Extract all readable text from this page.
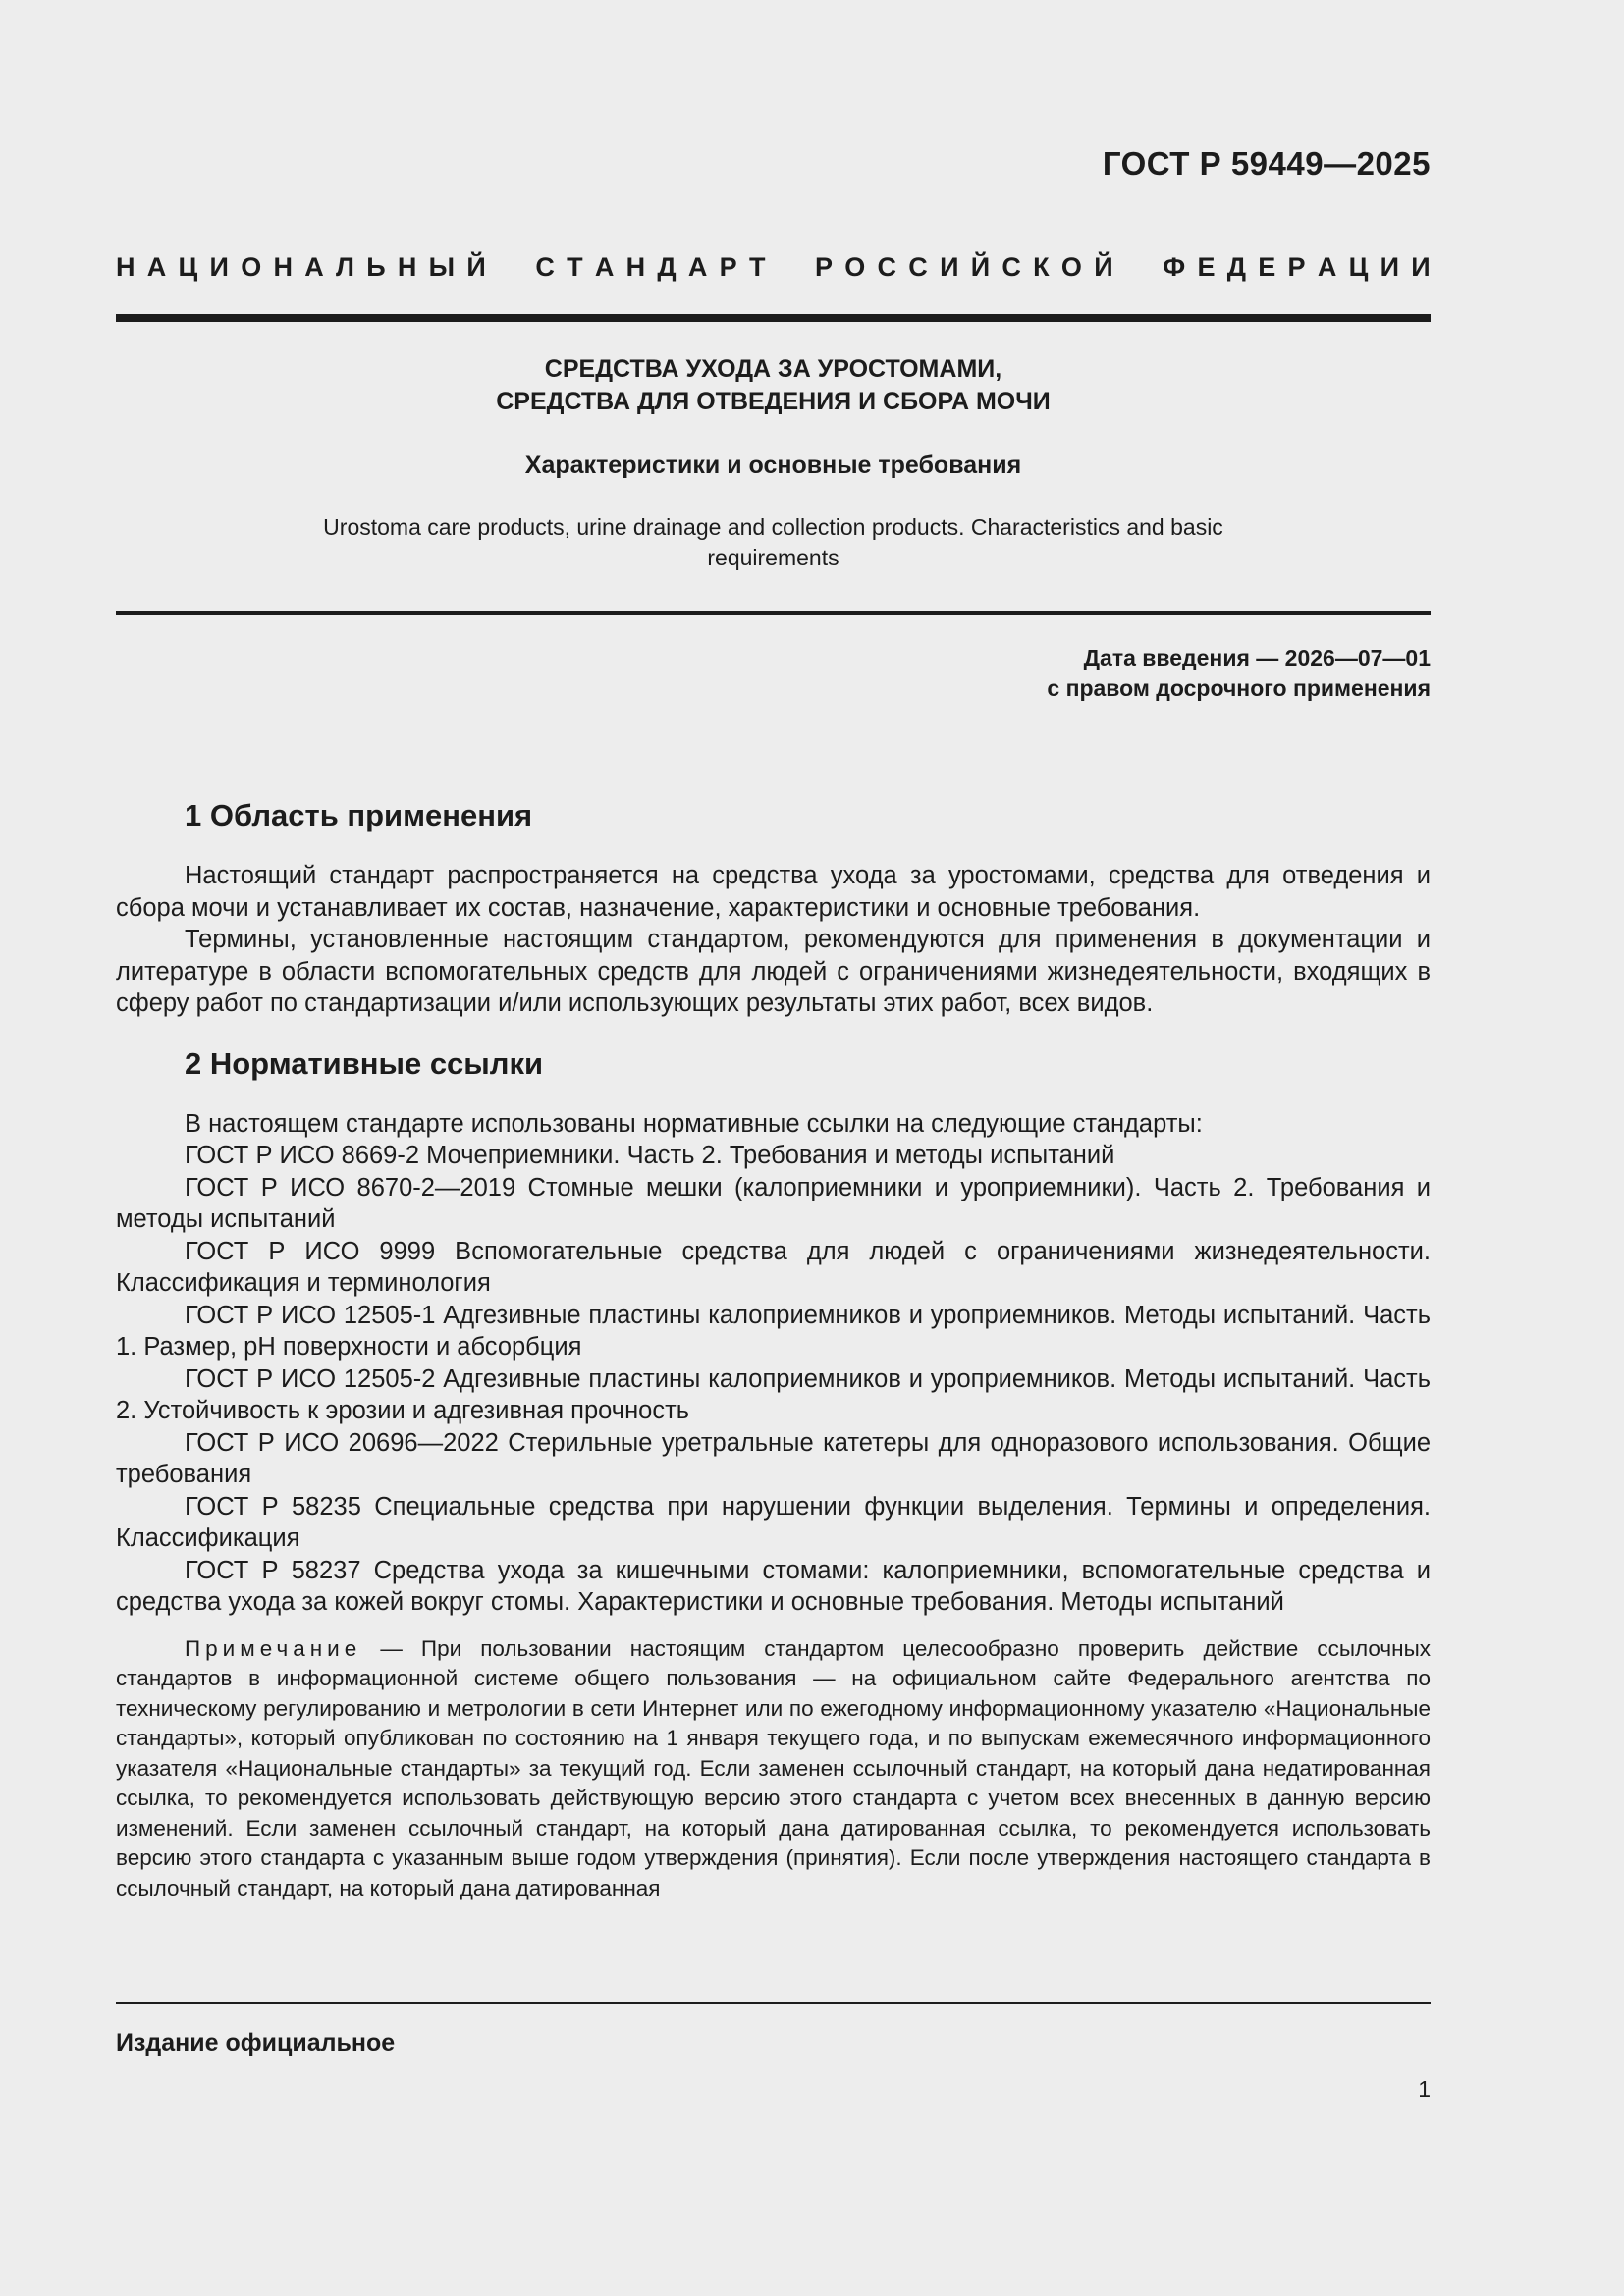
ГОСТ Р 59449—2025
Н А Ц И О Н А Л Ь Н Ы Й
С Т А Н Д А Р Т
Р О С С И Й С К О Й
Ф Е Д Е Р А Ц И И
СРЕДСТВА УХОДА ЗА УРОСТОМАМИ,
СРЕДСТВА ДЛЯ ОТВЕДЕНИЯ И СБОРА МОЧИ
Характеристики и основные требования
Urostoma care products, urine drainage and collection products. Characteristics and basic requirements
Дата введения — 2026—07—01
с правом досрочного применения
1 Область применения

Настоящий стандарт распространяется на средства ухода за уростомами, средства для отведения и сбора мочи и устанавливает их состав, назначение, характеристики и основные требования.

Термины, установленные настоящим стандартом, рекомендуются для применения в документации и литературе в области вспомогательных средств для людей с ограничениями жизнедеятельности, входящих в сферу работ по стандартизации и/или использующих результаты этих работ, всех видов.

2 Нормативные ссылки

В настоящем стандарте использованы нормативные ссылки на следующие стандарты:

ГОСТ Р ИСО 8669-2 Мочеприемники. Часть 2. Требования и методы испытаний

ГОСТ Р ИСО 8670-2—2019 Стомные мешки (калоприемники и уроприемники). Часть 2. Требования и методы испытаний

ГОСТ Р ИСО 9999 Вспомогательные средства для людей с ограничениями жизнедеятельности. Классификация и терминология

ГОСТ Р ИСО 12505-1 Адгезивные пластины калоприемников и уроприемников. Методы испытаний. Часть 1. Размер, pH поверхности и абсорбция

ГОСТ Р ИСО 12505-2 Адгезивные пластины калоприемников и уроприемников. Методы испытаний. Часть 2. Устойчивость к эрозии и адгезивная прочность

ГОСТ Р ИСО 20696—2022 Стерильные уретральные катетеры для одноразового использования. Общие требования

ГОСТ Р 58235 Специальные средства при нарушении функции выделения. Термины и определения. Классификация

ГОСТ Р 58237 Средства ухода за кишечными стомами: калоприемники, вспомогательные средства и средства ухода за кожей вокруг стомы. Характеристики и основные требования. Методы испытаний

Примечание — При пользовании настоящим стандартом целесообразно проверить действие ссылочных стандартов в информационной системе общего пользования — на официальном сайте Федерального агентства по техническому регулированию и метрологии в сети Интернет или по ежегодному информационному указателю «Национальные стандарты», который опубликован по состоянию на 1 января текущего года, и по выпускам ежемесячного информационного указателя «Национальные стандарты» за текущий год. Если заменен ссылочный стандарт, на который дана недатированная ссылка, то рекомендуется использовать действующую версию этого стандарта с учетом всех внесенных в данную версию изменений. Если заменен ссылочный стандарт, на который дана датированная ссылка, то рекомендуется использовать версию этого стандарта с указанным выше годом утверждения (принятия). Если после утверждения настоящего стандарта в ссылочный стандарт, на который дана датированная
Издание официальное
1
